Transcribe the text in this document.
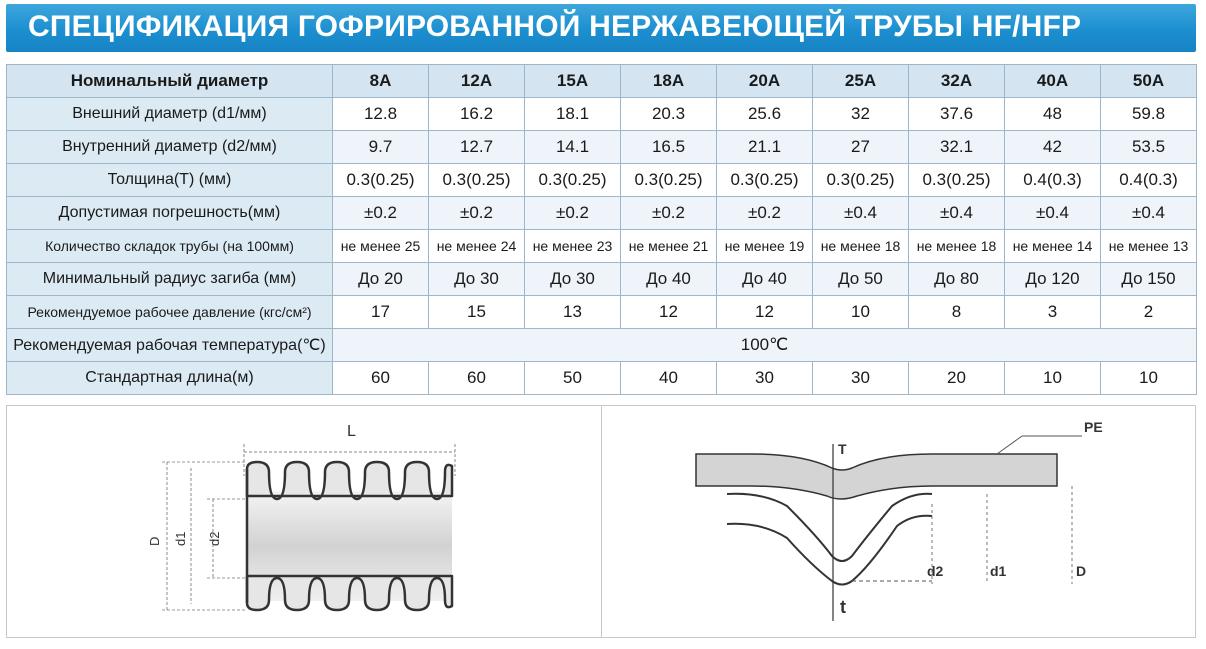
СПЕЦИФИКАЦИЯ ГОФРИРОВАННОЙ НЕРЖАВЕЮЩЕЙ ТРУБЫ HF/HFP
Номинальный диаметр	8A	12A	15A	18A	20A	25A	32A	40A	50A
Внешний диаметр (d1/мм)	12.8	16.2	18.1	20.3	25.6	32	37.6	48	59.8
Внутренний диаметр (d2/мм)	9.7	12.7	14.1	16.5	21.1	27	32.1	42	53.5
Толщина(T) (мм)	0.3(0.25)	0.3(0.25)	0.3(0.25)	0.3(0.25)	0.3(0.25)	0.3(0.25)	0.3(0.25)	0.4(0.3)	0.4(0.3)
Допустимая погрешность(мм)	±0.2	±0.2	±0.2	±0.2	±0.2	±0.4	±0.4	±0.4	±0.4
Количество складок трубы (на 100мм)	не менее 25	не менее 24	не менее 23	не менее 21	не менее 19	не менее 18	не менее 18	не менее 14	не менее 13
Минимальный радиус загиба (мм)	До 20	До 30	До 30	До 40	До 40	До 50	До 80	До 120	До 150
Рекомендуемое рабочее давление (кгс/см²)	17	15	13	12	12	10	8	3	2
Рекомендуемая рабочая температура(℃)	100℃								
Стандартная длина(м)	60	60	50	40	30	30	20	10	10
L
D d1 d2
PE
T
t
d2	d1	D
